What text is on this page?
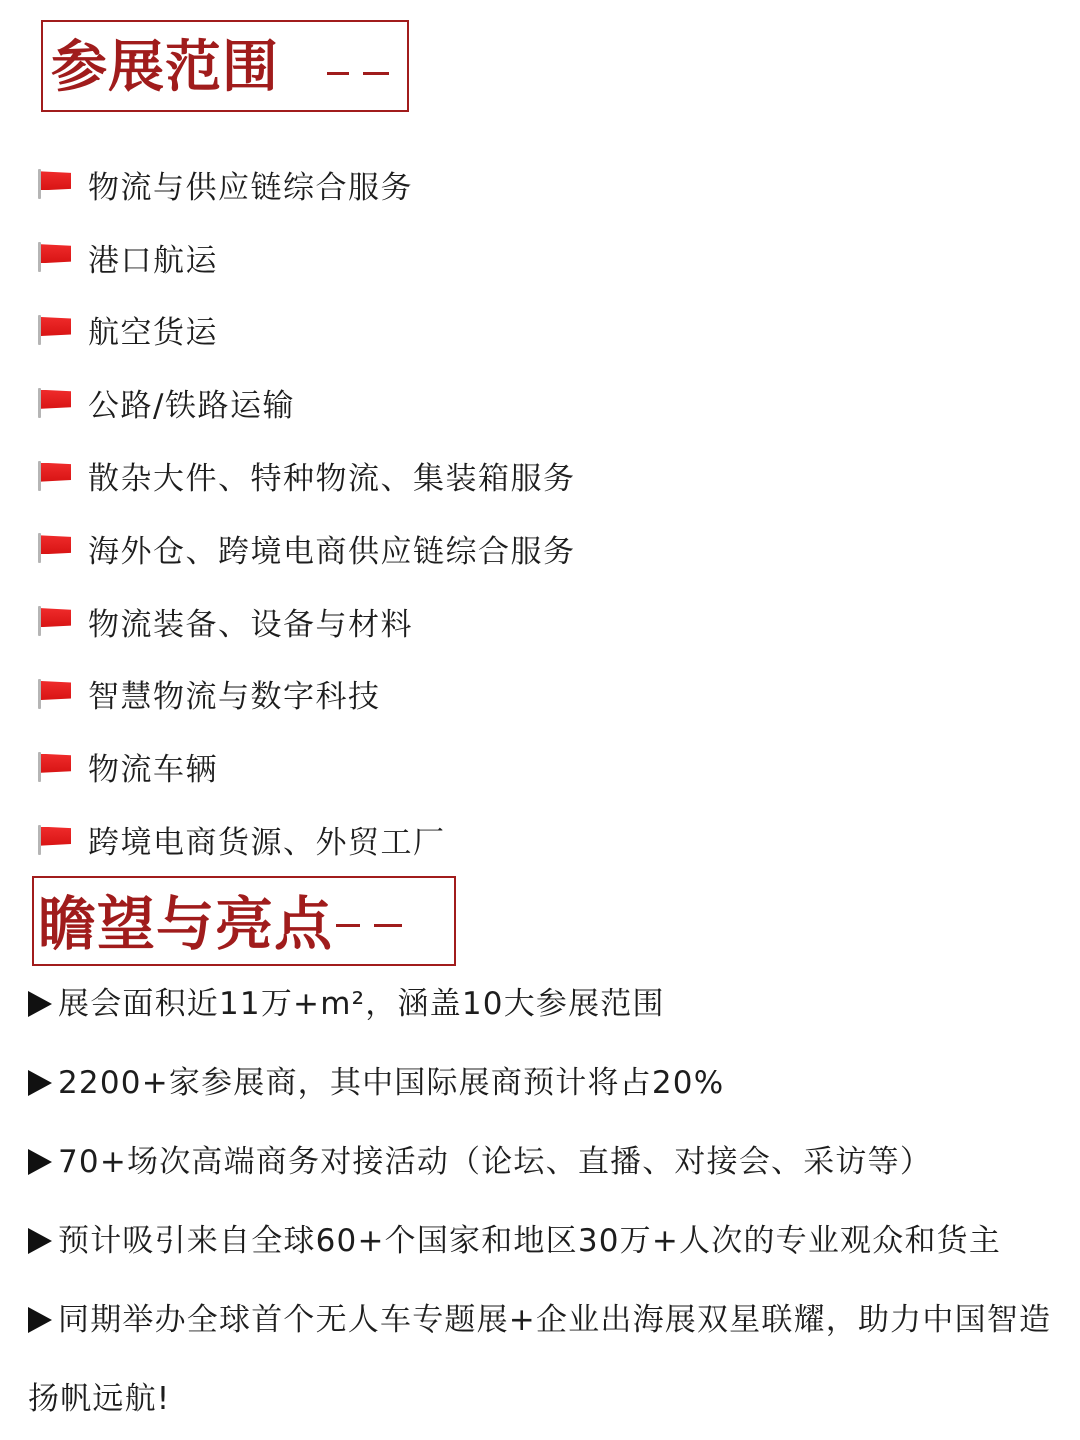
参展范围
物流与供应链综合服务
港口航运
航空货运
公路/铁路运输
散杂大件、特种物流、集装箱服务
海外仓、跨境电商供应链综合服务
物流装备、设备与材料
智慧物流与数字科技
物流车辆
跨境电商货源、外贸工厂
瞻望与亮点
展会面积近11万+m²，涵盖10大参展范围
2200+家参展商，其中国际展商预计将占20%
70+场次高端商务对接活动（论坛、直播、对接会、采访等）
预计吸引来自全球60+个国家和地区30万+人次的专业观众和货主
同期举办全球首个无人车专题展+企业出海展双星联耀，助力中国智造
扬帆远航!
